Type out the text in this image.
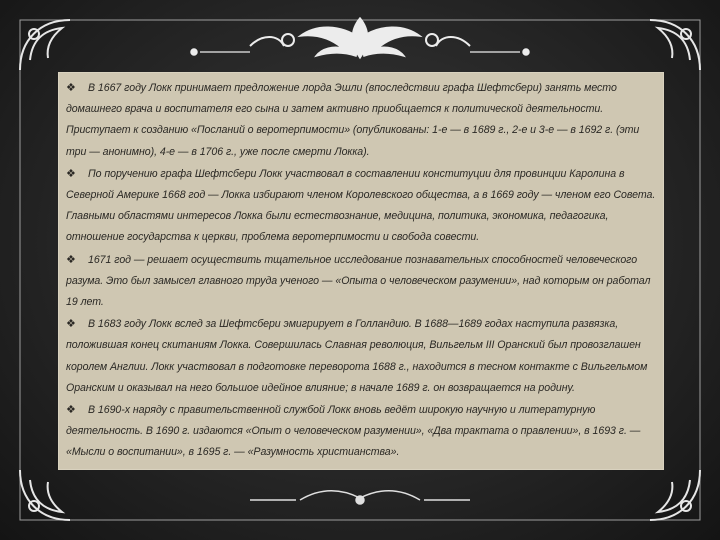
❖ В 1667 году Локк принимает предложение лорда Эшли (впоследствии графа Шефтсбери) занять место домашнего врача и воспитателя его сына и затем активно приобщается к политической деятельности. Приступает к созданию «Посланий о веротерпимости» (опубликованы: 1-е — в 1689 г., 2-е и 3-е — в 1692 г. (эти три — анонимно), 4-е — в 1706 г., уже после смерти Локка).

❖ По поручению графа Шефтсбери Локк участвовал в составлении конституции для провинции Каролина в Северной Америке 1668 год — Локка избирают членом Королевского общества, а в 1669 году — членом его Совета. Главными областями интересов Локка были естествознание, медицина, политика, экономика, педагогика, отношение государства к церкви, проблема веротерпимости и свобода совести.

❖ 1671 год — решает осуществить тщательное исследование познавательных способностей человеческого разума. Это был замысел главного труда ученого — «Опыта о человеческом разумении», над которым он работал 19 лет.

❖ В 1683 году Локк вслед за Шефтсбери эмигрирует в Голландию. В 1688—1689 годах наступила развязка, положившая конец скитаниям Локка. Совершилась Славная революция, Вильгельм III Оранский был провозглашен королем Англии. Локк участвовал в подготовке переворота 1688 г., находится в тесном контакте с Вильгельмом Оранским и оказывал на него большое идейное влияние; в начале 1689 г. он возвращается на родину.

❖ В 1690-х наряду с правительственной службой Локк вновь ведёт широкую научную и литературную деятельность. В 1690 г. издаются «Опыт о человеческом разумении», «Два трактата о правлении», в 1693 г. — «Мысли о воспитании», в 1695 г. — «Разумность христианства».
